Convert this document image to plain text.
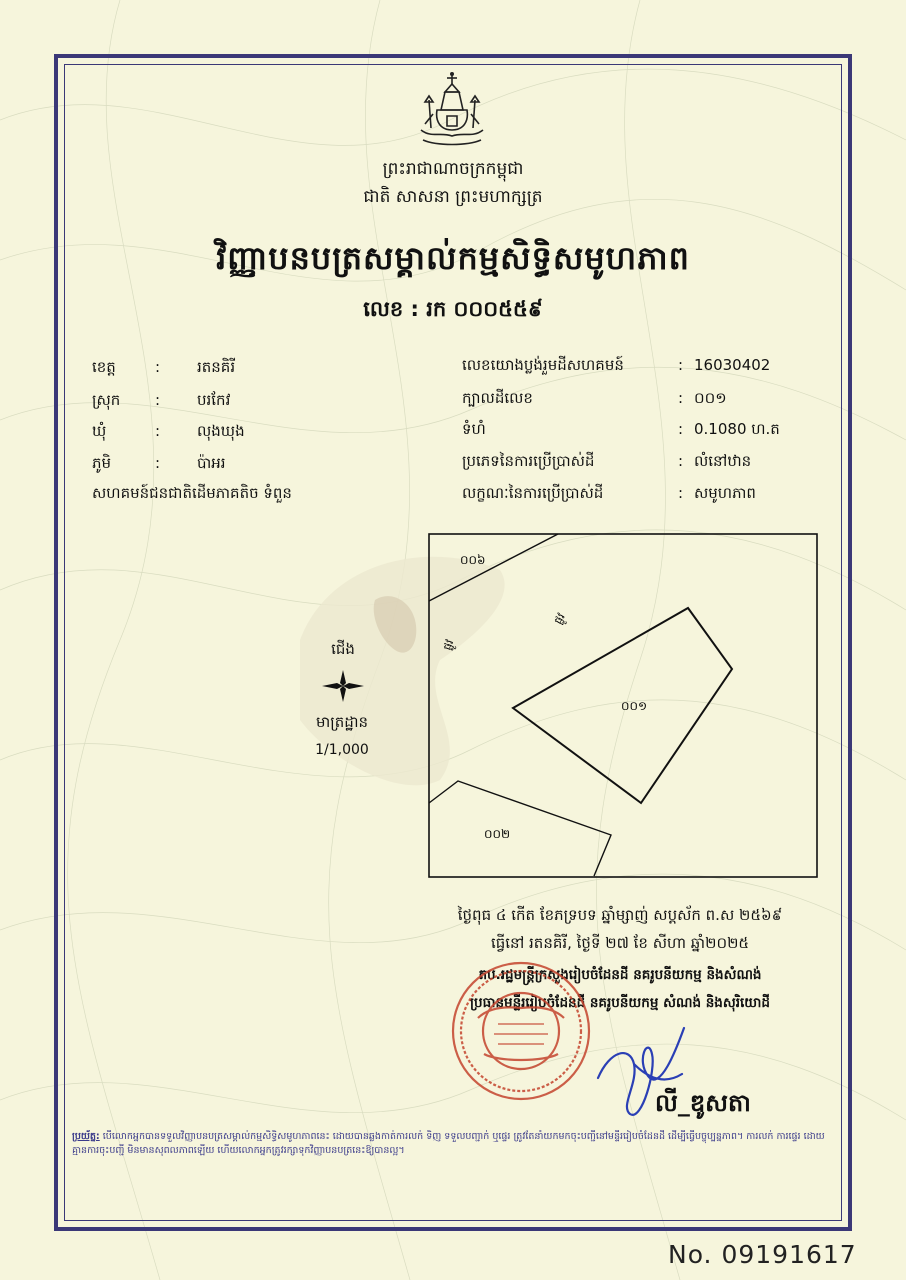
ព្រះរាជាណាចក្រកម្ពុជា
ជាតិ សាសនា ព្រះមហាក្សត្រ
វិញ្ញាបនបត្រសម្គាល់កម្មសិទ្ធិសមូហភាព
លេខ : រក ០០០៥៥៩
ខេត្ត	: រតនគិរី
ស្រុក : បរកែវ
ឃុំ	: លុងឃុង
ភូមិ	: ប៉ាអរ
សហគមន៍ជនជាតិដើមភាគតិច ទំពួន
លេខយោងប្លង់រួមដីសហគមន៍	: 16030402
ក្បាលដីលេខ	: ០០១
ទំហំ	: 0.1080 ហ.ត
ប្រភេទនៃការប្រើប្រាស់ដី	: លំនៅឋាន
លក្ខណៈនៃការប្រើប្រាស់ដី	: សមូហភាព
ជើង
មាត្រដ្ឋាន
1/1,000
០០៦
០០១
០០២
ផ្លូវ
ផ្លូវ
ថ្ងៃពុធ ៤ កើត ខែភទ្របទ ឆ្នាំម្សាញ់ សប្តស័ក ព.ស ២៥៦៩
ធ្វើនៅ រតនគិរី, ថ្ងៃទី ២៧ ខែ សីហា ឆ្នាំ២០២៥
តប.រដ្ឋមន្ត្រីក្រសួងរៀបចំដែនដី នគរូបនីយកម្ម និងសំណង់
ប្រធានមន្ទីររៀបចំដែនដី នគរូបនីយកម្ម សំណង់ និងសុរិយោដី
លី_ឌូសតា
ប្រយ័ត្ន: បើលោកអ្នកបានទទួលវិញ្ញាបនបត្រសម្គាល់កម្មសិទ្ធិសមូហភាពនេះ ដោយបានឆ្លងកាត់ការលក់ ទិញ ទទួលបញ្ជាក់ ឬផ្ទេរ ត្រូវតែនាំយកមកចុះបញ្ជីនៅមន្ទីររៀបចំដែនដី ដើម្បីធ្វើបច្ចុប្បន្នភាព។ ការលក់ ការផ្ទេរ ដោយគ្មានការចុះបញ្ជី មិនមានសុពលភាពឡើយ ហើយលោកអ្នកត្រូវរក្សាទុកវិញ្ញាបនបត្រនេះឱ្យបានល្អ។
No. 09191617
